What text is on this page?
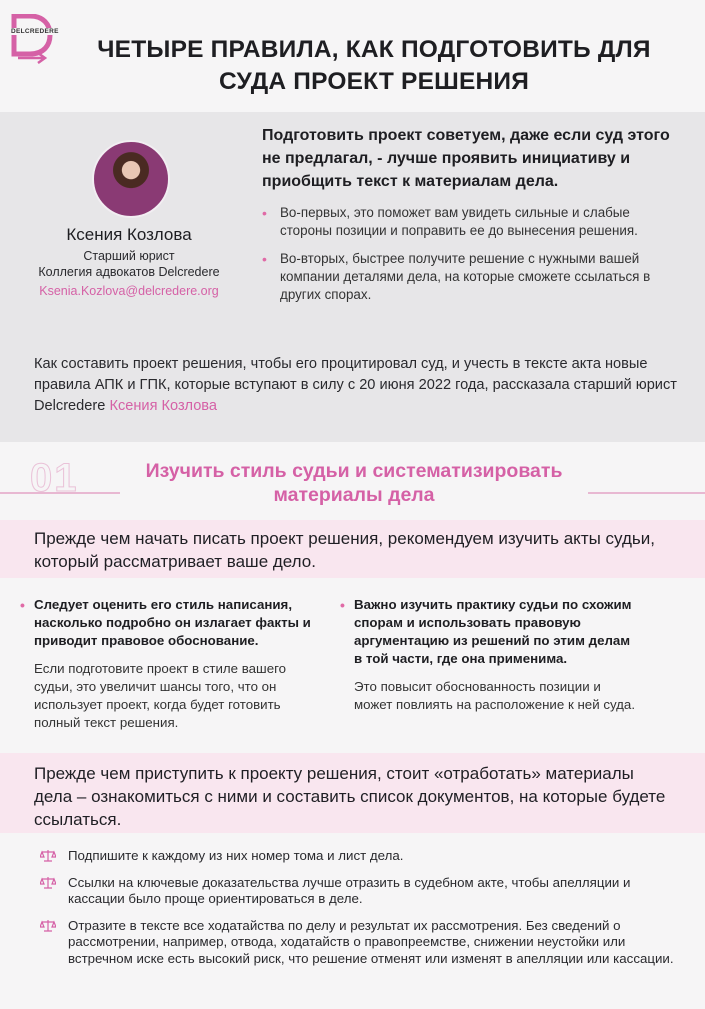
DELCREDERE
ЧЕТЫРЕ ПРАВИЛА, КАК ПОДГОТОВИТЬ ДЛЯ
СУДА ПРОЕКТ РЕШЕНИЯ
Ксения Козлова
Старший юрист
Коллегия адвокатов Delcredere
Ksenia.Kozlova@delcredere.org
Подготовить проект советуем, даже если суд этого не предлагал, - лучше проявить инициативу и приобщить текст к материалам дела.
• Во-первых, это поможет вам увидеть сильные и слабые стороны позиции и поправить ее до вынесения решения.
• Во-вторых, быстрее получите решение с нужными вашей компании деталями дела, на которые сможете ссылаться в других спорах.
Как составить проект решения, чтобы его процитировал суд, и учесть в тексте акта новые правила АПК и ГПК, которые вступают в силу с 20 июня 2022 года, рассказала старший юрист Delcredere Ксения Козлова
01	Изучить стиль судьи и систематизировать
материалы дела
Прежде чем начать писать проект решения, рекомендуем изучить акты судьи, который рассматривает ваше дело.
• Следует оценить его стиль написания, насколько подробно он излагает факты и приводит правовое обоснование.
Если подготовите проект в стиле вашего судьи, это увеличит шансы того, что он использует проект, когда будет готовить полный текст решения.
• Важно изучить практику судьи по схожим спорам и использовать правовую аргументацию из решений по этим делам в той части, где она применима.
Это повысит обоснованность позиции и может повлиять на расположение к ней суда.
Прежде чем приступить к проекту решения, стоит «отработать» материалы дела – ознакомиться с ними и составить список документов, на которые будете ссылаться.
Подпишите к каждому из них номер тома и лист дела.
Ссылки на ключевые доказательства лучше отразить в судебном акте, чтобы апелляции и кассации было проще ориентироваться в деле.
Отразите в тексте все ходатайства по делу и результат их рассмотрения. Без сведений о рассмотрении, например, отвода, ходатайств о правопреемстве, снижении неустойки или встречном иске есть высокий риск, что решение отменят или изменят в апелляции или кассации.
